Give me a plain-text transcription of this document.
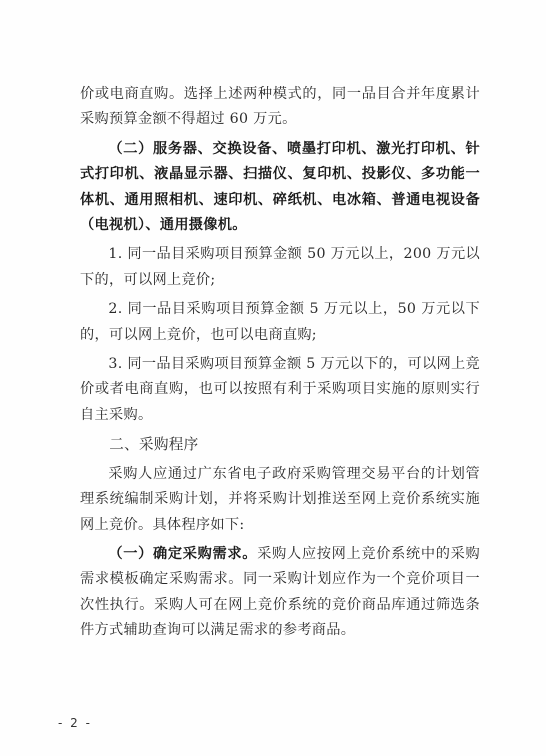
价或电商直购。选择上述两种模式的，同一品目合并年度累计采购预算金额不得超过 60 万元。

（二）服务器、交换设备、喷墨打印机、激光打印机、针式打印机、液晶显示器、扫描仪、复印机、投影仪、多功能一体机、通用照相机、速印机、碎纸机、电冰箱、普通电视设备（电视机）、通用摄像机。

1. 同一品目采购项目预算金额 50 万元以上，200 万元以下的，可以网上竞价;

2. 同一品目采购项目预算金额 5 万元以上，50 万元以下的，可以网上竞价，也可以电商直购;

3. 同一品目采购项目预算金额 5 万元以下的，可以网上竞价或者电商直购，也可以按照有利于采购项目实施的原则实行自主采购。

二、采购程序

采购人应通过广东省电子政府采购管理交易平台的计划管理系统编制采购计划，并将采购计划推送至网上竞价系统实施网上竞价。具体程序如下:

（一）确定采购需求。采购人应按网上竞价系统中的采购需求模板确定采购需求。同一采购计划应作为一个竞价项目一次性执行。采购人可在网上竞价系统的竞价商品库通过筛选条件方式辅助查询可以满足需求的参考商品。

- 2 -
